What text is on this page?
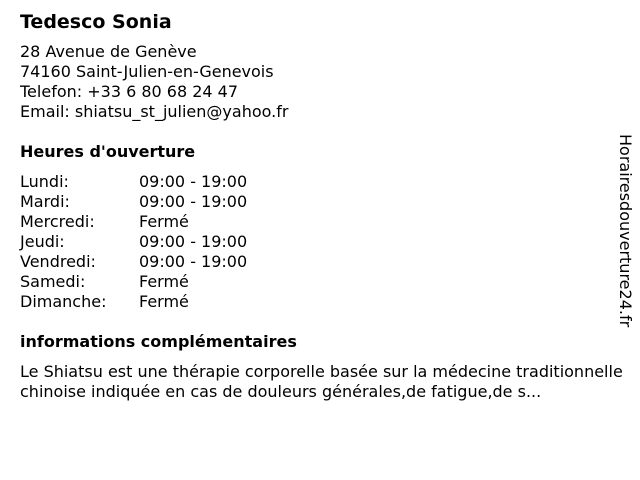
Tedesco Sonia
28 Avenue de Genève
74160 Saint-Julien-en-Genevois
Telefon: +33 6 80 68 24 47
Email: shiatsu_st_julien@yahoo.fr
Heures d'ouverture
Lundi:	09:00 - 19:00
Mardi:	09:00 - 19:00
Mercredi:	Fermé
Jeudi:	09:00 - 19:00
Vendredi:	09:00 - 19:00
Samedi:	Fermé
Dimanche:	Fermé
informations complémentaires
Le Shiatsu est une thérapie corporelle basée sur la médecine traditionnelle chinoise indiquée en cas de douleurs générales,de fatigue,de s...
Horairesdouverture24.fr
